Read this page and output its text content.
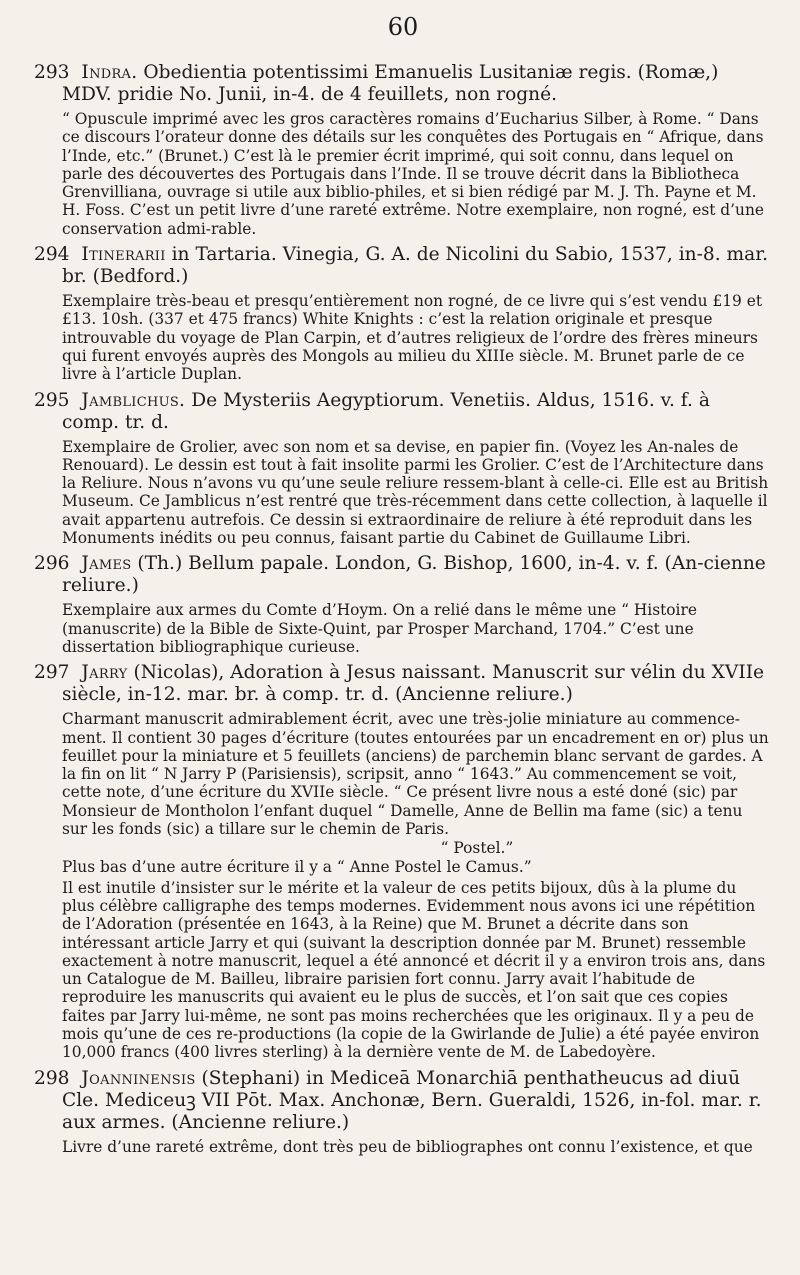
60
293 Indra. Obedientia potentissimi Emanuelis Lusitaniæ regis. (Romæ,) MDV. pridie No. Junii, in-4. de 4 feuillets, non rogné.

“ Opuscule imprimé avec les gros caractères romains d’Eucharius Silber, à Rome. “ Dans ce discours l’orateur donne des détails sur les conquêtes des Portugais en “ Afrique, dans l’Inde, etc.” (Brunet.) C’est là le premier écrit imprimé, qui soit connu, dans lequel on parle des découvertes des Portugais dans l’Inde. Il se trouve décrit dans la Bibliotheca Grenvilliana, ouvrage si utile aux biblio-philes, et si bien rédigé par M. J. Th. Payne et M. H. Foss. C’est un petit livre d’une rareté extrême. Notre exemplaire, non rogné, est d’une conservation admi-rable.

294 Itinerarii in Tartaria. Vinegia, G. A. de Nicolini du Sabio, 1537, in-8. mar. br. (Bedford.)

Exemplaire très-beau et presqu’entièrement non rogné, de ce livre qui s’est vendu £19 et £13. 10sh. (337 et 475 francs) White Knights : c’est la relation originale et presque introuvable du voyage de Plan Carpin, et d’autres religieux de l’ordre des frères mineurs qui furent envoyés auprès des Mongols au milieu du XIIIe siècle. M. Brunet parle de ce livre à l’article Duplan.

295 Jamblichus. De Mysteriis Aegyptiorum. Venetiis. Aldus, 1516. v. f. à comp. tr. d.

Exemplaire de Grolier, avec son nom et sa devise, en papier fin. (Voyez les An-nales de Renouard). Le dessin est tout à fait insolite parmi les Grolier. C’est de l’Architecture dans la Reliure. Nous n’avons vu qu’une seule reliure ressem-blant à celle-ci. Elle est au British Museum. Ce Jamblicus n’est rentré que très-récemment dans cette collection, à laquelle il avait appartenu autrefois. Ce dessin si extraordinaire de reliure à été reproduit dans les Monuments inédits ou peu connus, faisant partie du Cabinet de Guillaume Libri.

296 James (Th.) Bellum papale. London, G. Bishop, 1600, in-4. v. f. (An-cienne reliure.)

Exemplaire aux armes du Comte d’Hoym. On a relié dans le même une “ Histoire (manuscrite) de la Bible de Sixte-Quint, par Prosper Marchand, 1704.” C’est une dissertation bibliographique curieuse.

297 Jarry (Nicolas), Adoration à Jesus naissant. Manuscrit sur vélin du XVIIe siècle, in-12. mar. br. à comp. tr. d. (Ancienne reliure.)

Charmant manuscrit admirablement écrit, avec une très-jolie miniature au commence-ment. Il contient 30 pages d’écriture (toutes entourées par un encadrement en or) plus un feuillet pour la miniature et 5 feuillets (anciens) de parchemin blanc servant de gardes. A la fin on lit “ N Jarry P (Parisiensis), scripsit, anno “ 1643.” Au commencement se voit, cette note, d’une écriture du XVIIe siècle. “ Ce présent livre nous a esté doné (sic) par Monsieur de Montholon l’enfant duquel “ Damelle, Anne de Bellin ma fame (sic) a tenu sur les fonds (sic) a tillare sur le chemin de Paris.

“ Postel.”

Plus bas d’une autre écriture il y a “ Anne Postel le Camus.”

Il est inutile d’insister sur le mérite et la valeur de ces petits bijoux, dûs à la plume du plus célèbre calligraphe des temps modernes. Evidemment nous avons ici une répétition de l’Adoration (présentée en 1643, à la Reine) que M. Brunet a décrite dans son intéressant article Jarry et qui (suivant la description donnée par M. Brunet) ressemble exactement à notre manuscrit, lequel a été annoncé et décrit il y a environ trois ans, dans un Catalogue de M. Bailleu, libraire parisien fort connu. Jarry avait l’habitude de reproduire les manuscrits qui avaient eu le plus de succès, et l’on sait que ces copies faites par Jarry lui-même, ne sont pas moins recherchées que les originaux. Il y a peu de mois qu’une de ces re-productions (la copie de la Gwirlande de Julie) a été payée environ 10,000 francs (400 livres sterling) à la dernière vente de M. de Labedoyère.

298 Joanninensis (Stephani) in Mediceā Monarchiā penthatheucus ad diuū Cle. Mediceuꝫ VII Pōt. Max. Anchonæ, Bern. Gueraldi, 1526, in-fol. mar. r. aux armes. (Ancienne reliure.)

Livre d’une rareté extrême, dont très peu de bibliographes ont connu l’existence, et que
